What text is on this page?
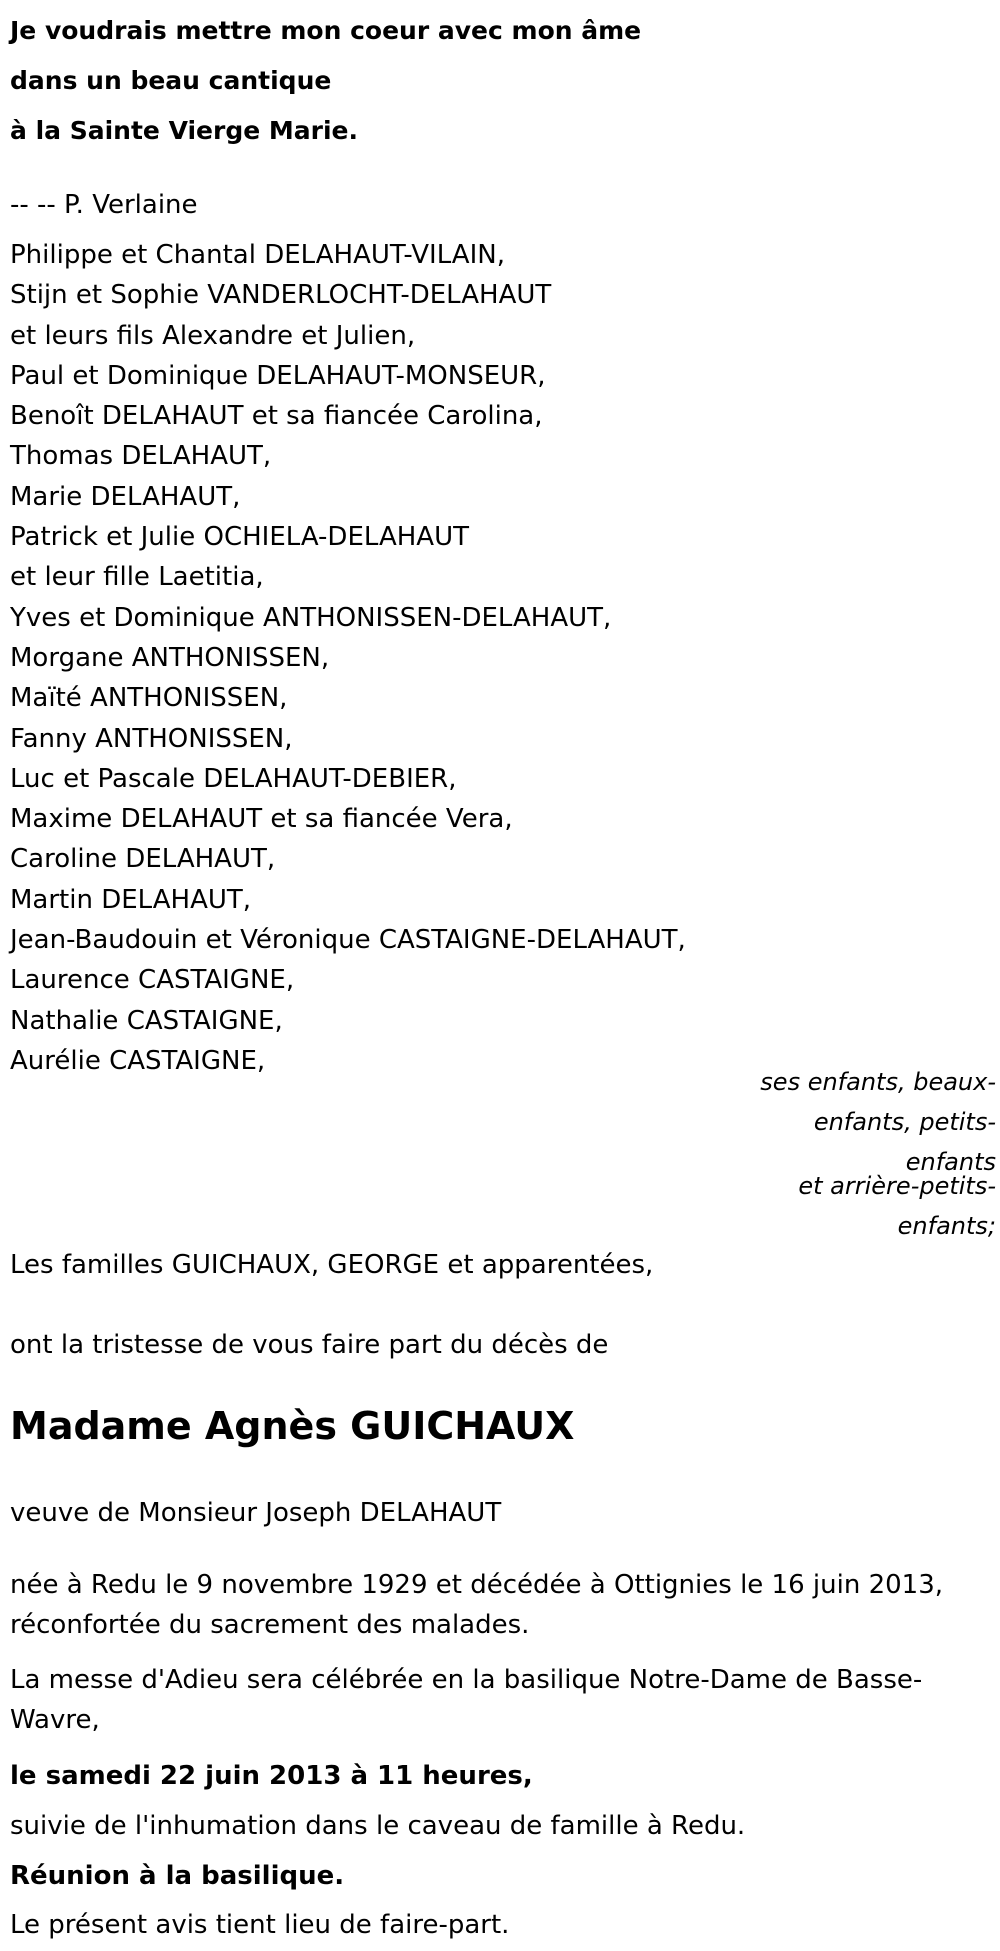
Je voudrais mettre mon coeur avec mon âme
dans un beau cantique
à la Sainte Vierge Marie.
-- -- P. Verlaine
Philippe et Chantal DELAHAUT-VILAIN,
Stijn et Sophie VANDERLOCHT-DELAHAUT
et leurs fils Alexandre et Julien,
Paul et Dominique DELAHAUT-MONSEUR,
Benoît DELAHAUT et sa fiancée Carolina,
Thomas DELAHAUT,
Marie DELAHAUT,
Patrick et Julie OCHIELA-DELAHAUT
et leur fille Laetitia,
Yves et Dominique ANTHONISSEN-DELAHAUT,
Morgane ANTHONISSEN,
Maïté ANTHONISSEN,
Fanny ANTHONISSEN,
Luc et Pascale DELAHAUT-DEBIER,
Maxime DELAHAUT et sa fiancée Vera,
Caroline DELAHAUT,
Martin DELAHAUT,
Jean-Baudouin et Véronique CASTAIGNE-DELAHAUT,
Laurence CASTAIGNE,
Nathalie CASTAIGNE,
Aurélie CASTAIGNE,
ses enfants, beaux-enfants, petits-enfants
et arrière-petits-enfants;
Les familles GUICHAUX, GEORGE et apparentées,
ont la tristesse de vous faire part du décès de
Madame Agnès GUICHAUX
veuve de Monsieur Joseph DELAHAUT
née à Redu le 9 novembre 1929 et décédée à Ottignies le 16 juin 2013,
réconfortée du sacrement des malades.
La messe d'Adieu sera célébrée en la basilique Notre-Dame de Basse-Wavre,
le samedi 22 juin 2013 à 11 heures,
suivie de l'inhumation dans le caveau de famille à Redu.
Réunion à la basilique.
Le présent avis tient lieu de faire-part.
